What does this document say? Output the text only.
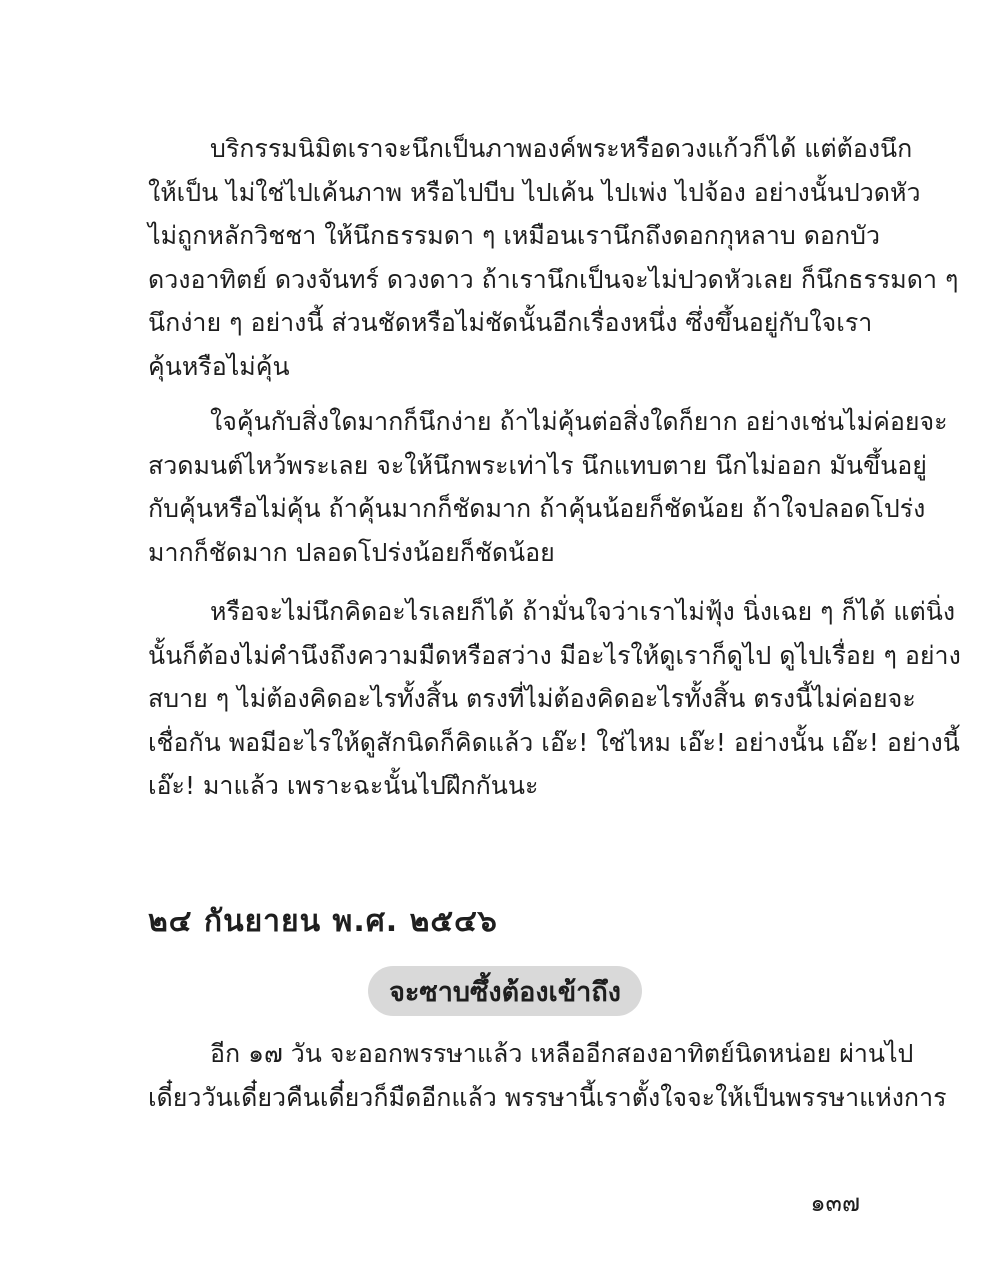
บริกรรมนิมิตเราจะนึกเป็นภาพองค์พระหรือดวงแก้วก็ได้ แต่ต้องนึก
ให้เป็น ไม่ใช่ไปเค้นภาพ หรือไปบีบ ไปเค้น ไปเพ่ง ไปจ้อง อย่างนั้นปวดหัว
ไม่ถูกหลักวิชชา ให้นึกธรรมดา ๆ เหมือนเรานึกถึงดอกกุหลาบ ดอกบัว
ดวงอาทิตย์ ดวงจันทร์ ดวงดาว ถ้าเรานึกเป็นจะไม่ปวดหัวเลย ก็นึกธรรมดา ๆ
นึกง่าย ๆ อย่างนี้ ส่วนชัดหรือไม่ชัดนั้นอีกเรื่องหนึ่ง ซึ่งขึ้นอยู่กับใจเรา
คุ้นหรือไม่คุ้น

ใจคุ้นกับสิ่งใดมากก็นึกง่าย ถ้าไม่คุ้นต่อสิ่งใดก็ยาก อย่างเช่นไม่ค่อยจะ
สวดมนต์ไหว้พระเลย จะให้นึกพระเท่าไร นึกแทบตาย นึกไม่ออก มันขึ้นอยู่
กับคุ้นหรือไม่คุ้น ถ้าคุ้นมากก็ชัดมาก ถ้าคุ้นน้อยก็ชัดน้อย ถ้าใจปลอดโปร่ง
มากก็ชัดมาก ปลอดโปร่งน้อยก็ชัดน้อย

หรือจะไม่นึกคิดอะไรเลยก็ได้ ถ้ามั่นใจว่าเราไม่ฟุ้ง นิ่งเฉย ๆ ก็ได้ แต่นิ่ง
นั้นก็ต้องไม่คำนึงถึงความมืดหรือสว่าง มีอะไรให้ดูเราก็ดูไป ดูไปเรื่อย ๆ อย่าง
สบาย ๆ ไม่ต้องคิดอะไรทั้งสิ้น ตรงที่ไม่ต้องคิดอะไรทั้งสิ้น ตรงนี้ไม่ค่อยจะ
เชื่อกัน พอมีอะไรให้ดูสักนิดก็คิดแล้ว เอ๊ะ! ใช่ไหม เอ๊ะ! อย่างนั้น เอ๊ะ! อย่างนี้
เอ๊ะ! มาแล้ว เพราะฉะนั้นไปฝึกกันนะ

๒๔ กันยายน พ.ศ. ๒๕๔๖
จะซาบซึ้งต้องเข้าถึง

อีก ๑๗ วัน จะออกพรรษาแล้ว เหลืออีกสองอาทิตย์นิดหน่อย ผ่านไป
เดี๋ยววันเดี๋ยวคืนเดี๋ยวก็มืดอีกแล้ว พรรษานี้เราตั้งใจจะให้เป็นพรรษาแห่งการ

๑๓๗
